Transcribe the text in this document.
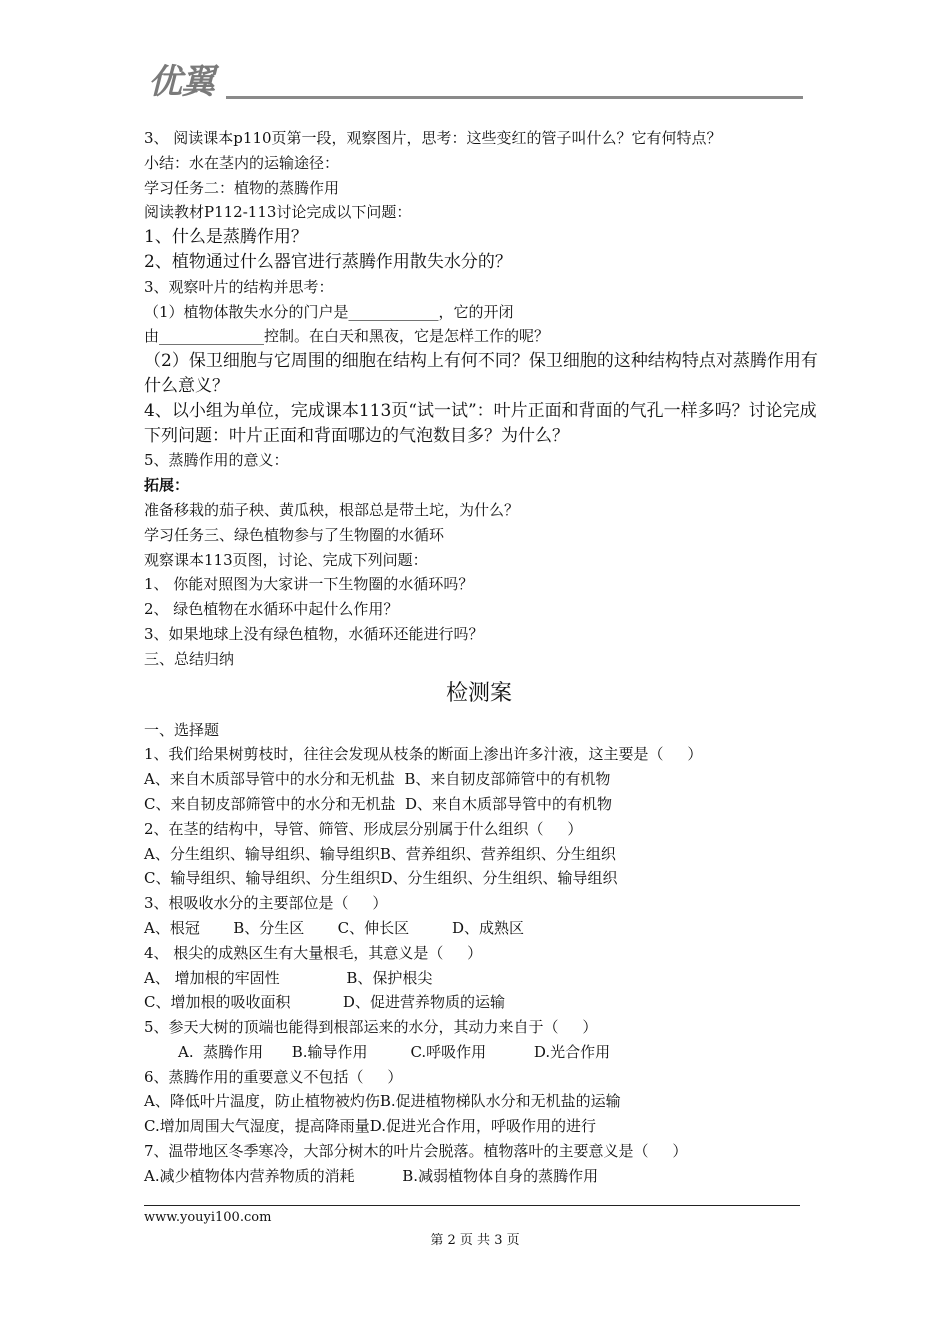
优翼
3、 阅读课本p110页第一段，观察图片，思考：这些变红的管子叫什么？它有何特点？
小结：水在茎内的运输途径：
学习任务二：植物的蒸腾作用
阅读教材P112-113讨论完成以下问题：
1、什么是蒸腾作用？
2、植物通过什么器官进行蒸腾作用散失水分的？
3、观察叶片的结构并思考：
（1）植物体散失水分的门户是____________，它的开闭
由______________控制。在白天和黑夜，它是怎样工作的呢？
（2）保卫细胞与它周围的细胞在结构上有何不同？保卫细胞的这种结构特点对蒸腾作用有
什么意义？
4、以小组为单位，完成课本113页“试一试”：叶片正面和背面的气孔一样多吗？讨论完成
下列问题：叶片正面和背面哪边的气泡数目多？为什么？
5、蒸腾作用的意义：
拓展：
准备移栽的茄子秧、黄瓜秧，根部总是带土坨，为什么？
学习任务三、绿色植物参与了生物圈的水循环
观察课本113页图，讨论、完成下列问题：
1、 你能对照图为大家讲一下生物圈的水循环吗？
2、 绿色植物在水循环中起什么作用？
3、如果地球上没有绿色植物，水循环还能进行吗？
三、总结归纳
检测案
一、选择题
1、我们给果树剪枝时，往往会发现从枝条的断面上渗出许多汁液，这主要是（     ）
A、来自木质部导管中的水分和无机盐  B、来自韧皮部筛管中的有机物
C、来自韧皮部筛管中的水分和无机盐  D、来自木质部导管中的有机物
2、在茎的结构中，导管、筛管、形成层分别属于什么组织（     ）
A、分生组织、输导组织、输导组织B、营养组织、营养组织、分生组织
C、输导组织、输导组织、分生组织D、分生组织、分生组织、输导组织
3、根吸收水分的主要部位是（     ）
A、根冠       B、分生区       C、伸长区         D、成熟区
4、 根尖的成熟区生有大量根毛，其意义是（     ）
A、 增加根的牢固性              B、保护根尖
C、增加根的吸收面积           D、促进营养物质的运输
5、参天大树的顶端也能得到根部运来的水分，其动力来自于（     ）
A.  蒸腾作用      B.输导作用         C.呼吸作用          D.光合作用
6、蒸腾作用的重要意义不包括（     ）
A、降低叶片温度，防止植物被灼伤B.促进植物梯队水分和无机盐的运输
C.增加周围大气湿度，提高降雨量D.促进光合作用，呼吸作用的进行
7、温带地区冬季寒冷，大部分树木的叶片会脱落。植物落叶的主要意义是（     ）
A.减少植物体内营养物质的消耗          B.减弱植物体自身的蒸腾作用
www.youyi100.com
第 2 页 共 3 页
